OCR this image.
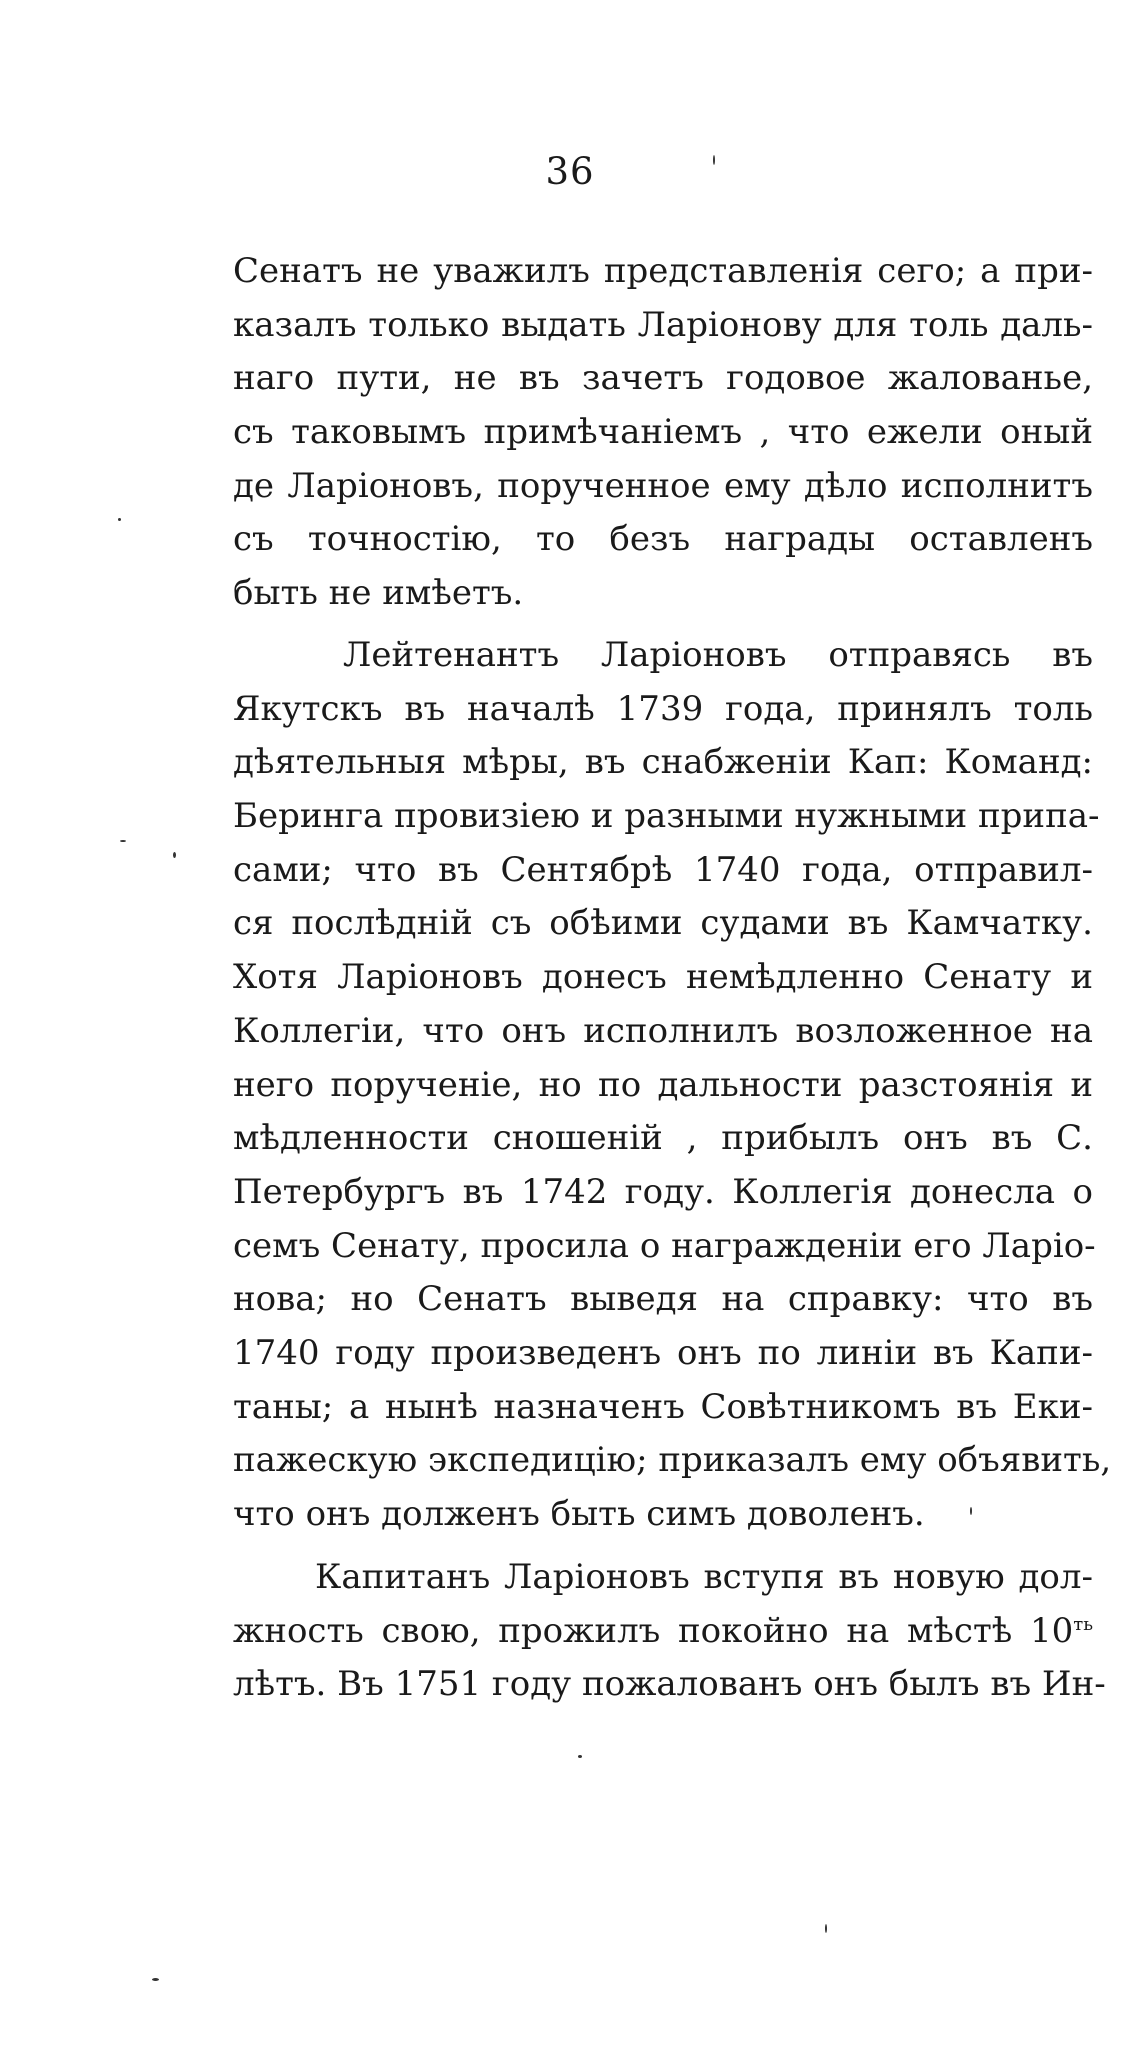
36
Сенатъ не уважилъ представленія сего; а при-
казалъ только выдать Ларіонову для толь даль-
наго пути, не въ зачетъ годовое жалованье,
съ таковымъ примѣчаніемъ , что ежели оный
де Ларіоновъ, порученное ему дѣло исполнитъ
съ точностію, то безъ награды оставленъ
быть не имѣетъ.
Лейтенантъ Ларіоновъ отправясь въ
Якутскъ въ началѣ 1739 года, принялъ толь
дѣятельныя мѣры, въ снабженіи Кап: Команд:
Беринга провизіею и разными нужными припа-
сами; что въ Сентябрѣ 1740 года, отправил-
ся послѣдній съ обѣими судами въ Камчатку.
Хотя Ларіоновъ донесъ немѣдленно Сенату и
Коллегіи, что онъ исполнилъ возложенное на
него порученіе, но по дальности разстоянія и
мѣдленности сношеній , прибылъ онъ въ С.
Петербургъ въ 1742 году. Коллегія донесла о
семъ Сенату, просила о награжденіи его Ларіо-
нова; но Сенатъ выведя на справку: что въ
1740 году произведенъ онъ по линіи въ Капи-
таны; а нынѣ назначенъ Совѣтникомъ въ Еки-
пажескую экспедицію; приказалъ ему объявить,
что онъ долженъ быть симъ доволенъ.
Капитанъ Ларіоновъ вступя въ новую дол-
жность свою, прожилъ покойно на мѣстѣ $10^{ть}$
лѣтъ. Въ 1751 году пожалованъ онъ былъ въ Ин-
